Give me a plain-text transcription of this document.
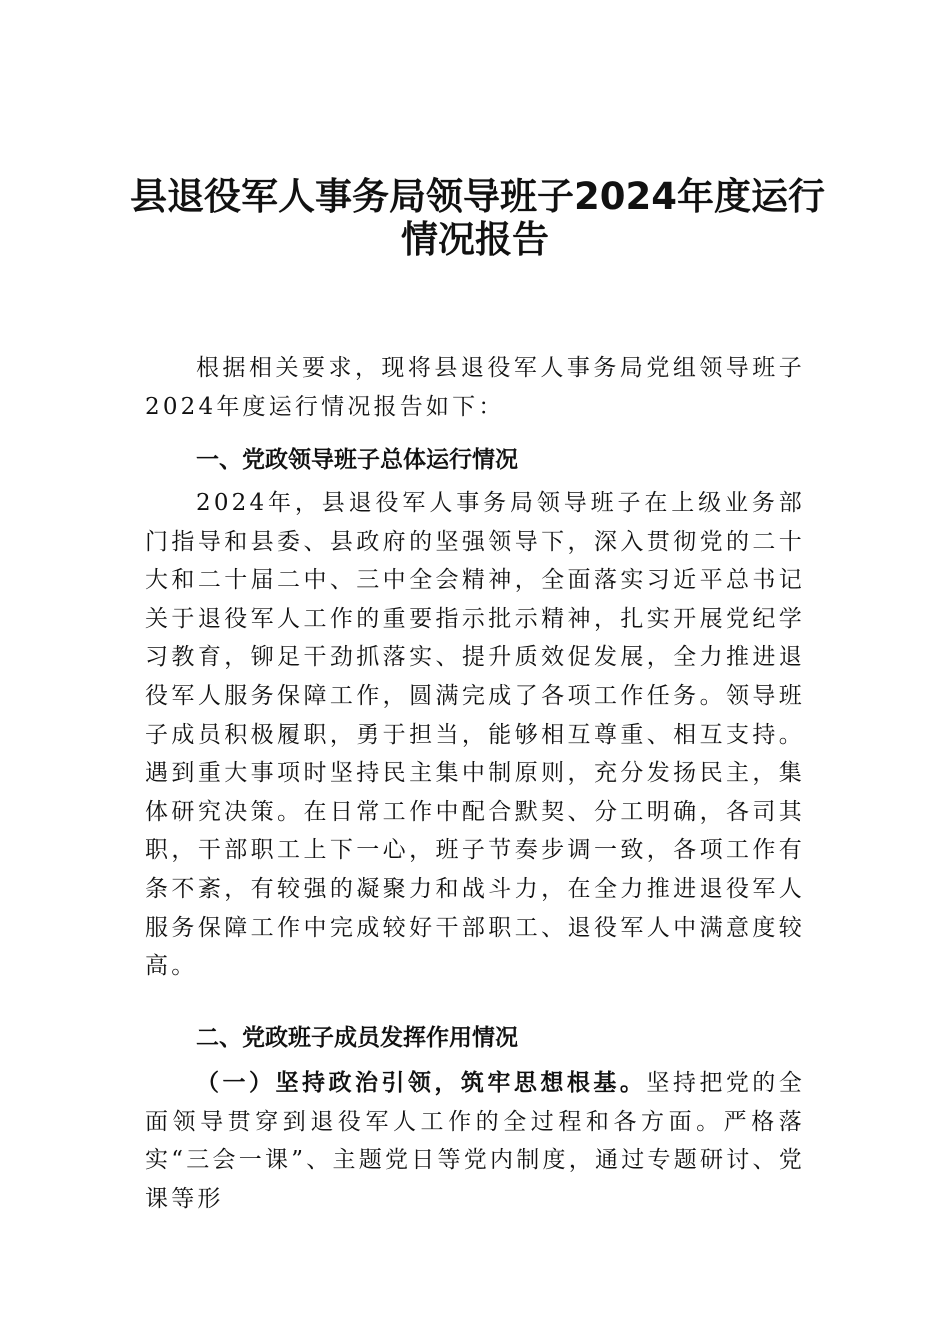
县退役军人事务局领导班子2024年度运行
情况报告
根据相关要求，现将县退役军人事务局党组领导班子2024年度运行情况报告如下：
一、党政领导班子总体运行情况
2024年，县退役军人事务局领导班子在上级业务部门指导和县委、县政府的坚强领导下，深入贯彻党的二十大和二十届二中、三中全会精神，全面落实习近平总书记关于退役军人工作的重要指示批示精神，扎实开展党纪学习教育，铆足干劲抓落实、提升质效促发展，全力推进退役军人服务保障工作，圆满完成了各项工作任务。领导班子成员积极履职，勇于担当，能够相互尊重、相互支持。遇到重大事项时坚持民主集中制原则，充分发扬民主，集体研究决策。在日常工作中配合默契、分工明确，各司其职，干部职工上下一心，班子节奏步调一致，各项工作有条不紊，有较强的凝聚力和战斗力，在全力推进退役军人服务保障工作中完成较好干部职工、退役军人中满意度较高。
二、党政班子成员发挥作用情况
（一）坚持政治引领，筑牢思想根基。坚持把党的全面领导贯穿到退役军人工作的全过程和各方面。严格落实“三会一课”、主题党日等党内制度，通过专题研讨、党课等形
